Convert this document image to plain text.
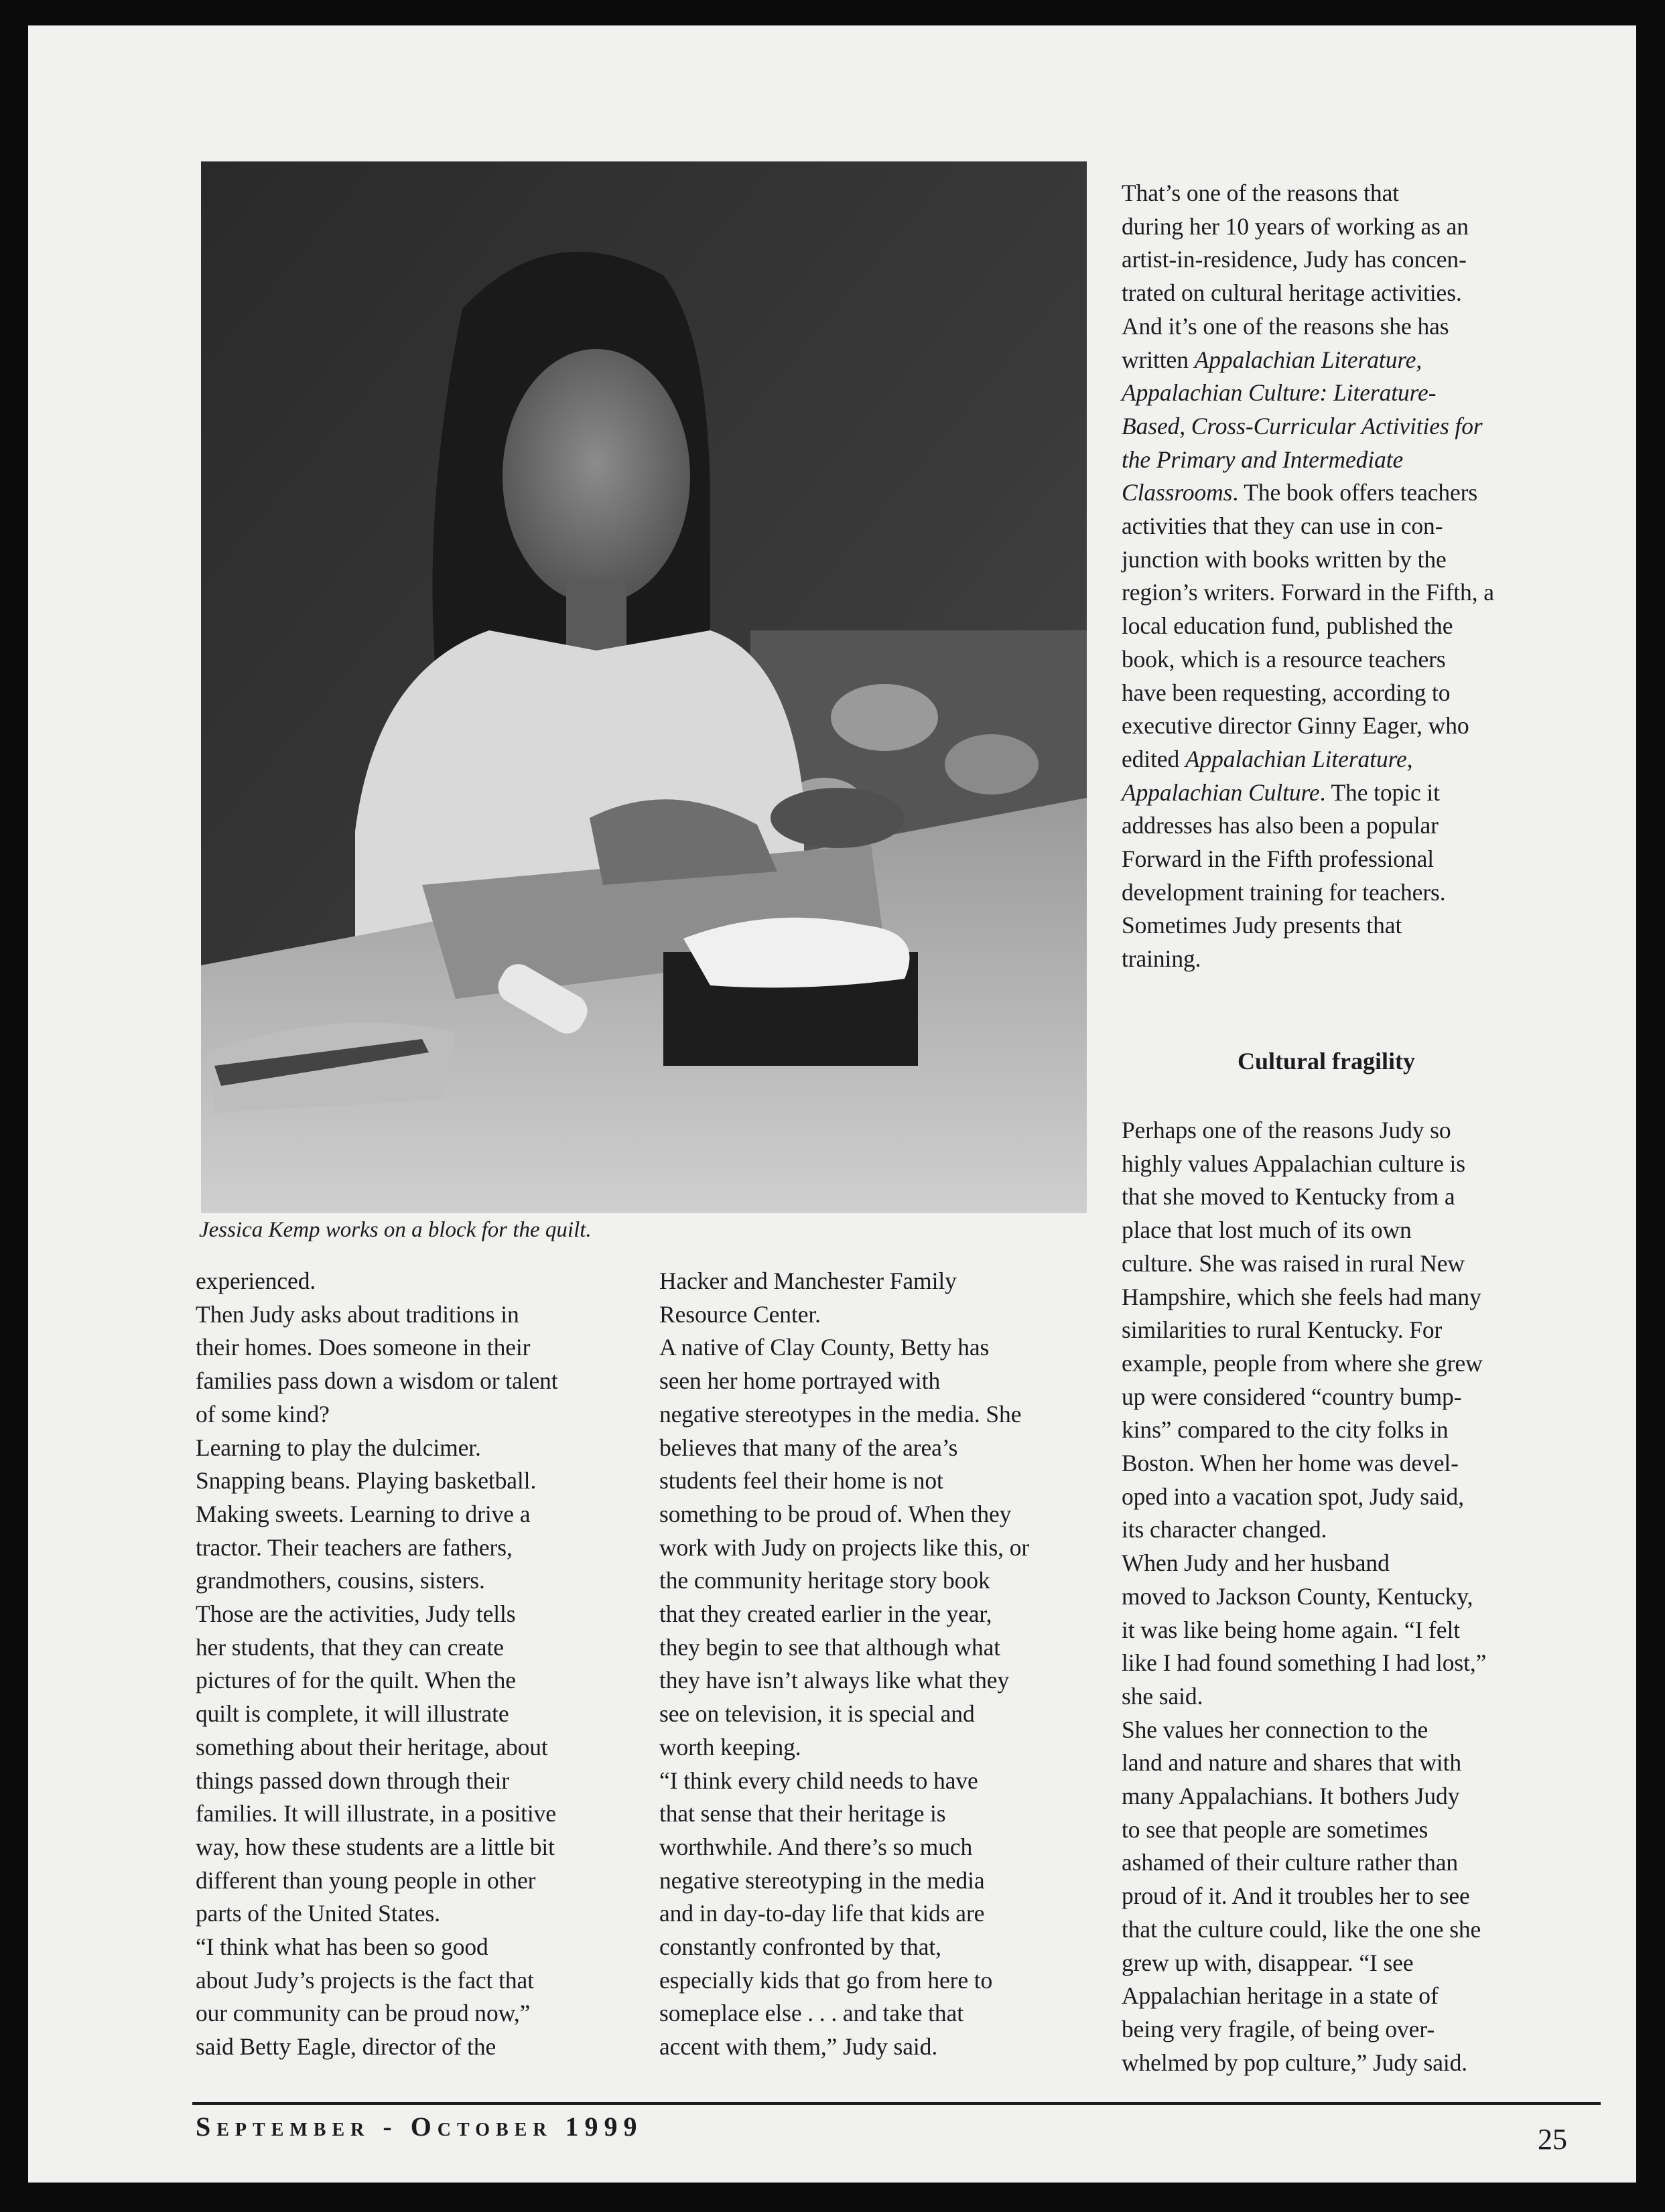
Jessica Kemp works on a block for the quilt.
That’s one of the reasons that
during her 10 years of working as an
artist-in-residence, Judy has concen-
trated on cultural heritage activities.
And it’s one of the reasons she has
written Appalachian Literature,
Appalachian Culture: Literature-
Based, Cross-Curricular Activities for
the Primary and Intermediate
Classrooms. The book offers teachers
activities that they can use in con-
junction with books written by the
region’s writers. Forward in the Fifth, a
local education fund, published the
book, which is a resource teachers
have been requesting, according to
executive director Ginny Eager, who
edited Appalachian Literature,
Appalachian Culture. The topic it
addresses has also been a popular
Forward in the Fifth professional
development training for teachers.
Sometimes Judy presents that
training.
Cultural fragility
Perhaps one of the reasons Judy so
highly values Appalachian culture is
that she moved to Kentucky from a
place that lost much of its own
culture. She was raised in rural New
Hampshire, which she feels had many
similarities to rural Kentucky. For
example, people from where she grew
up were considered “country bump-
kins” compared to the city folks in
Boston. When her home was devel-
oped into a vacation spot, Judy said,
its character changed.
When Judy and her husband
moved to Jackson County, Kentucky,
it was like being home again. “I felt
like I had found something I had lost,”
she said.
She values her connection to the
land and nature and shares that with
many Appalachians. It bothers Judy
to see that people are sometimes
ashamed of their culture rather than
proud of it. And it troubles her to see
that the culture could, like the one she
grew up with, disappear. “I see
Appalachian heritage in a state of
being very fragile, of being over-
whelmed by pop culture,” Judy said.
experienced.
Then Judy asks about traditions in
their homes. Does someone in their
families pass down a wisdom or talent
of some kind?
Learning to play the dulcimer.
Snapping beans. Playing basketball.
Making sweets. Learning to drive a
tractor. Their teachers are fathers,
grandmothers, cousins, sisters.
Those are the activities, Judy tells
her students, that they can create
pictures of for the quilt. When the
quilt is complete, it will illustrate
something about their heritage, about
things passed down through their
families. It will illustrate, in a positive
way, how these students are a little bit
different than young people in other
parts of the United States.
“I think what has been so good
about Judy’s projects is the fact that
our community can be proud now,”
said Betty Eagle, director of the
Hacker and Manchester Family
Resource Center.
A native of Clay County, Betty has
seen her home portrayed with
negative stereotypes in the media. She
believes that many of the area’s
students feel their home is not
something to be proud of. When they
work with Judy on projects like this, or
the community heritage story book
that they created earlier in the year,
they begin to see that although what
they have isn’t always like what they
see on television, it is special and
worth keeping.
“I think every child needs to have
that sense that their heritage is
worthwhile. And there’s so much
negative stereotyping in the media
and in day-to-day life that kids are
constantly confronted by that,
especially kids that go from here to
someplace else . . . and take that
accent with them,” Judy said.
September - October 1999	25
